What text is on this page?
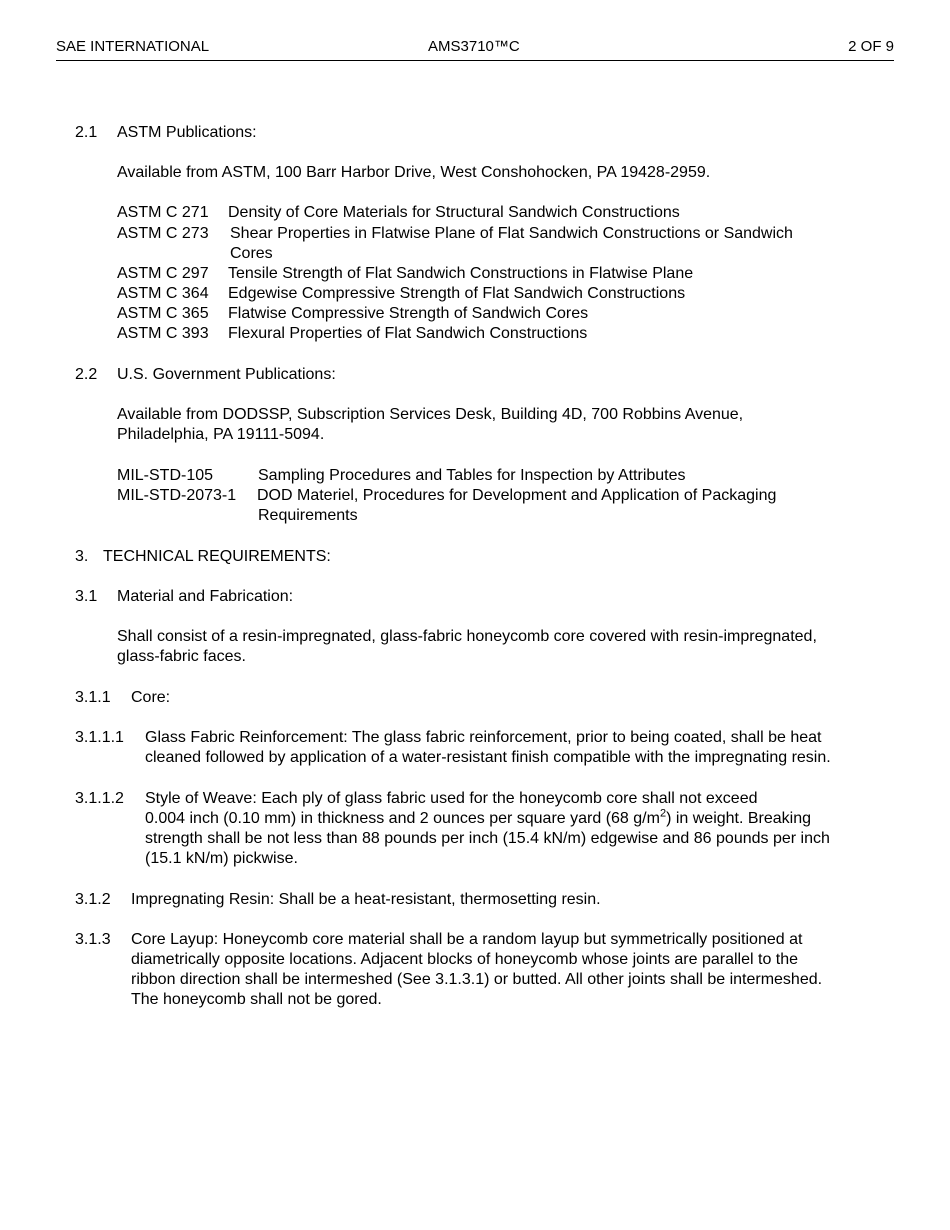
SAE INTERNATIONAL	AMS3710™C	2 OF 9
2.1 ASTM Publications:
Available from ASTM, 100 Barr Harbor Drive, West Conshohocken, PA 19428-2959.
ASTM C 271 Density of Core Materials for Structural Sandwich Constructions
ASTM C 273 Shear Properties in Flatwise Plane of Flat Sandwich Constructions or Sandwich
Cores
ASTM C 297 Tensile Strength of Flat Sandwich Constructions in Flatwise Plane
ASTM C 364 Edgewise Compressive Strength of Flat Sandwich Constructions
ASTM C 365 Flatwise Compressive Strength of Sandwich Cores
ASTM C 393 Flexural Properties of Flat Sandwich Constructions
2.2 U.S. Government Publications:
Available from DODSSP, Subscription Services Desk, Building 4D, 700 Robbins Avenue,
Philadelphia, PA 19111-5094.
MIL-STD-105	Sampling Procedures and Tables for Inspection by Attributes
MIL-STD-2073-1 DOD Materiel, Procedures for Development and Application of Packaging
Requirements
3. TECHNICAL REQUIREMENTS:
3.1 Material and Fabrication:
Shall consist of a resin-impregnated, glass-fabric honeycomb core covered with resin-impregnated,
glass-fabric faces.
3.1.1 Core:
3.1.1.1 Glass Fabric Reinforcement: The glass fabric reinforcement, prior to being coated, shall be heat
cleaned followed by application of a water-resistant finish compatible with the impregnating resin.
3.1.1.2 Style of Weave: Each ply of glass fabric used for the honeycomb core shall not exceed
0.004 inch (0.10 mm) in thickness and 2 ounces per square yard (68 $g/m^2$) in weight. Breaking
strength shall be not less than 88 pounds per inch (15.4 kN/m) edgewise and 86 pounds per inch
(15.1 kN/m) pickwise.
3.1.2 Impregnating Resin: Shall be a heat-resistant, thermosetting resin.
3.1.3 Core Layup: Honeycomb core material shall be a random layup but symmetrically positioned at
diametrically opposite locations. Adjacent blocks of honeycomb whose joints are parallel to the
ribbon direction shall be intermeshed (See 3.1.3.1) or butted. All other joints shall be intermeshed.
The honeycomb shall not be gored.
